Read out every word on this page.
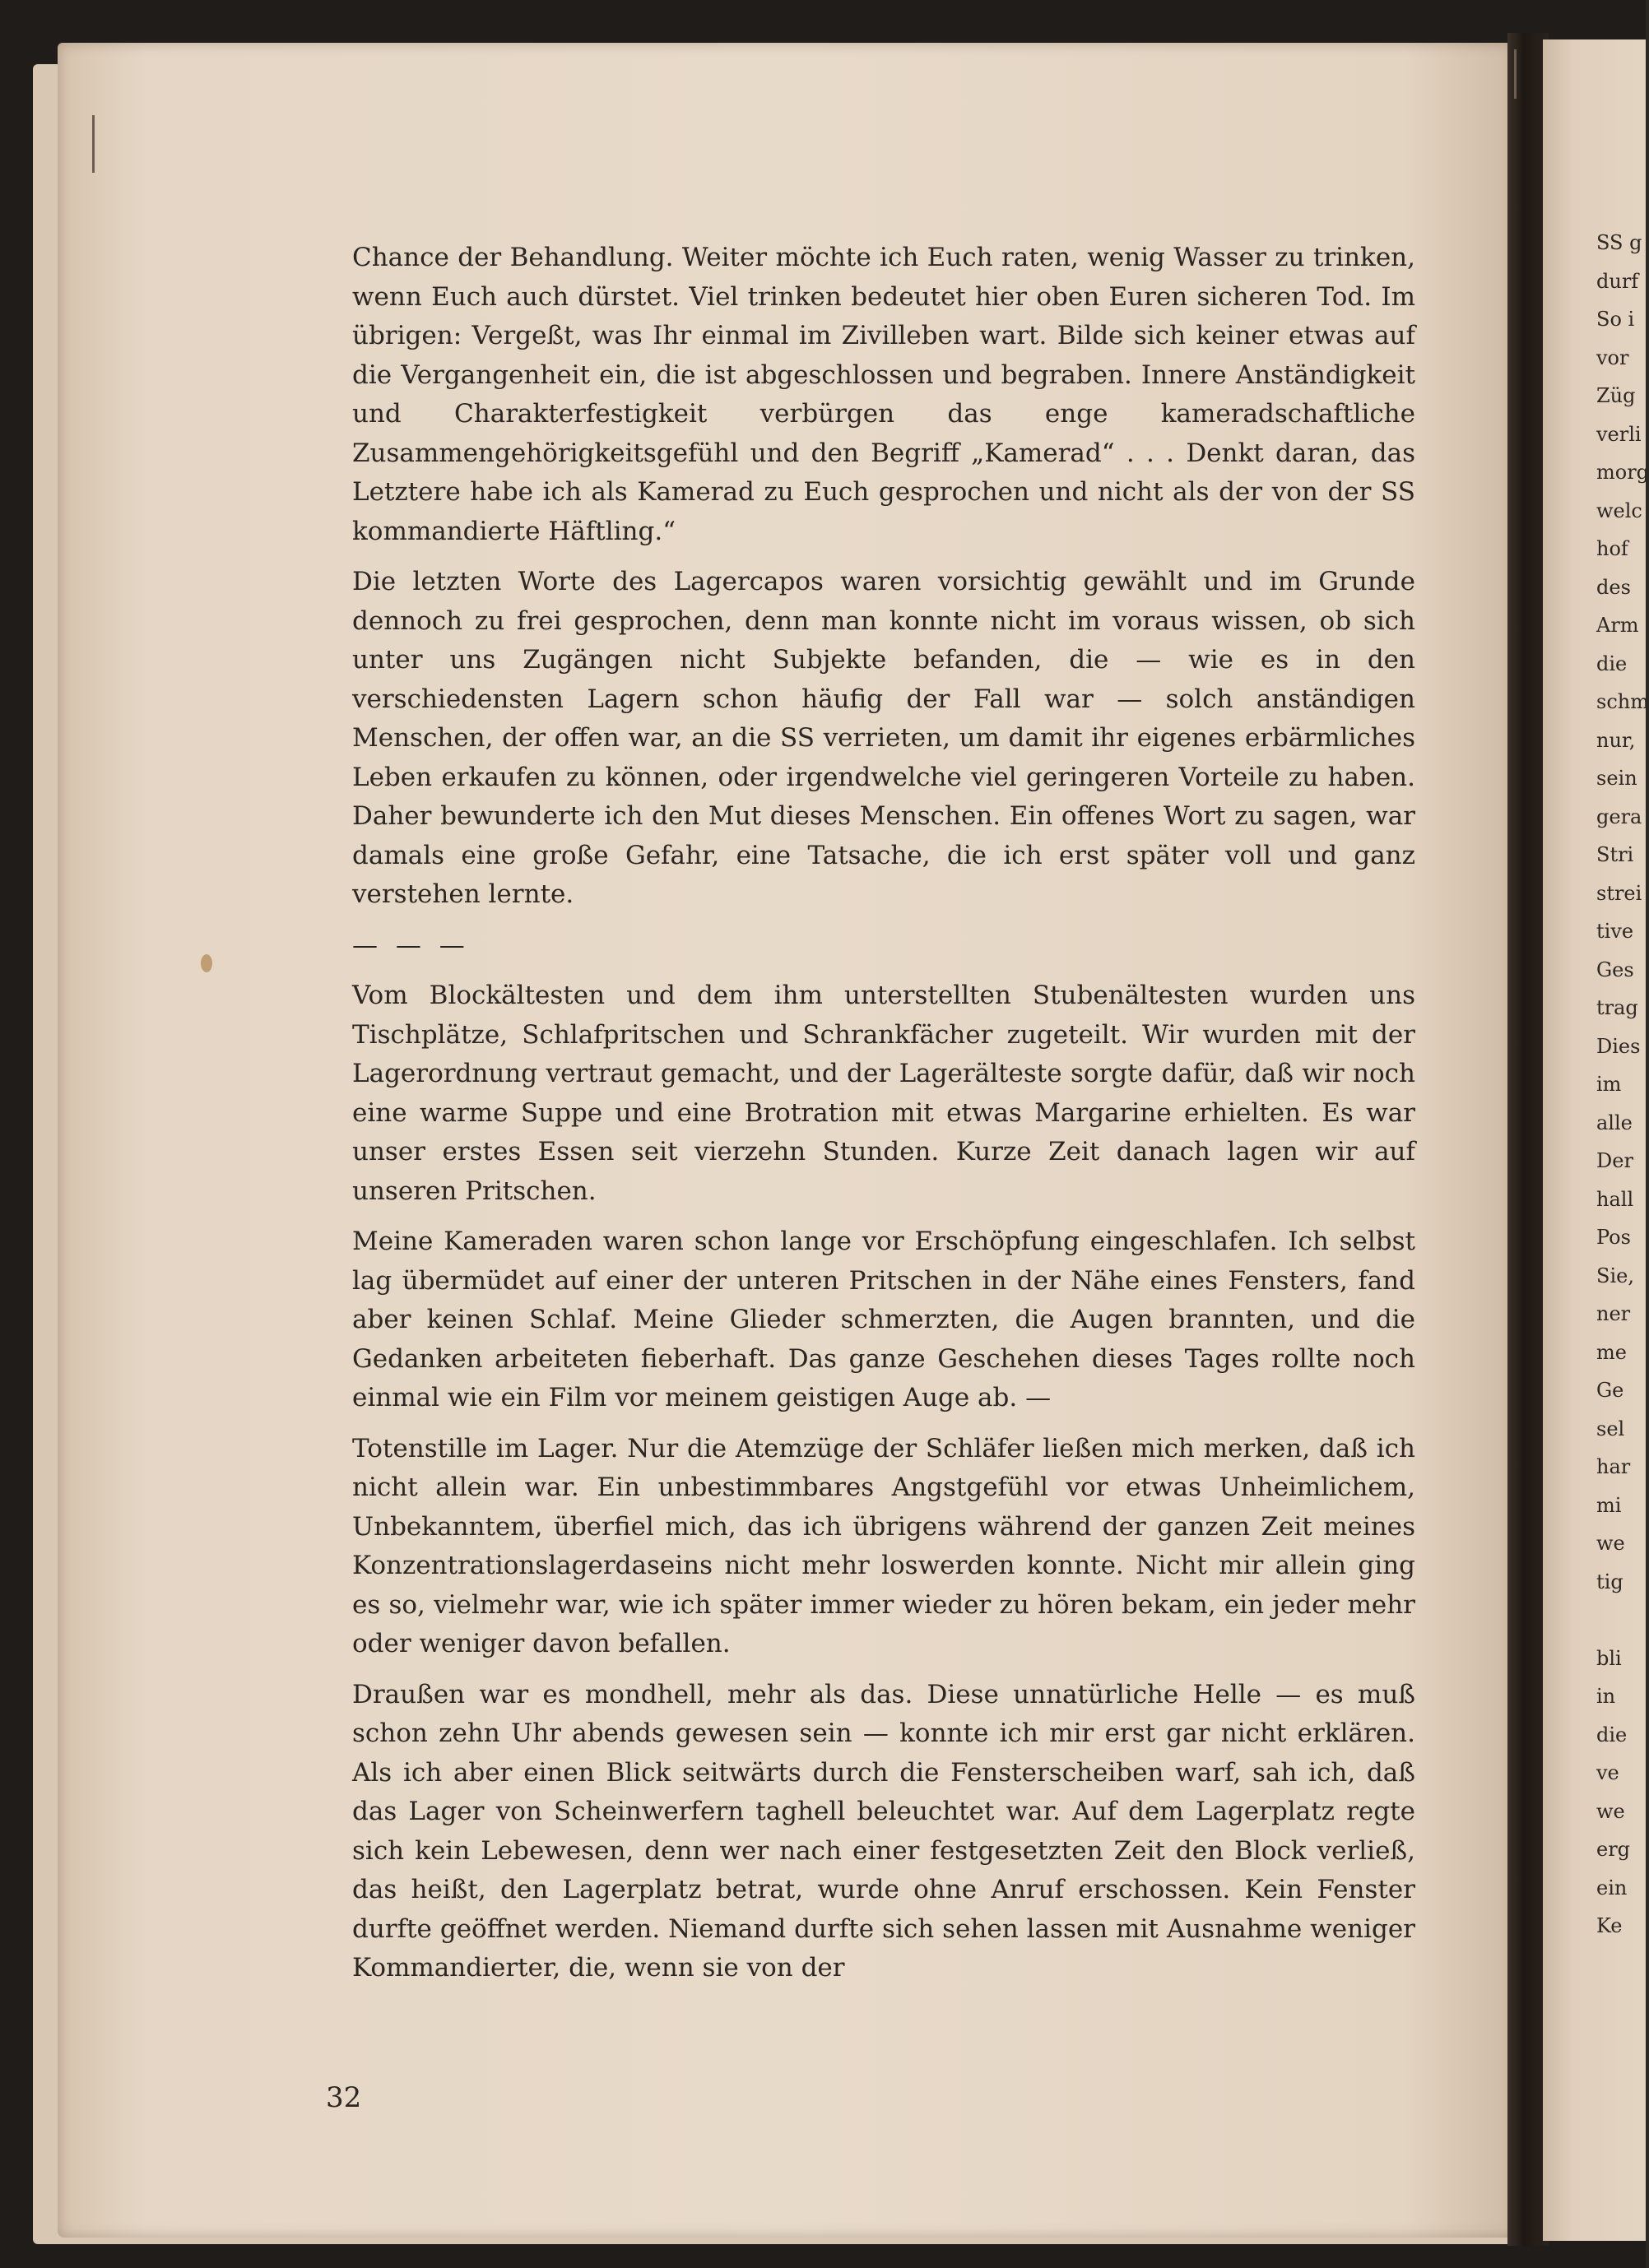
Chance der Behandlung. Weiter möchte ich Euch raten, wenig Wasser zu trinken, wenn Euch auch dürstet. Viel trinken bedeutet hier oben Euren sicheren Tod. Im übrigen: Vergeßt, was Ihr einmal im Zivilleben wart. Bilde sich keiner etwas auf die Vergangenheit ein, die ist abgeschlossen und begraben. Innere Anständigkeit und Charakterfestigkeit verbürgen das enge kameradschaftliche Zusammengehörigkeitsgefühl und den Begriff „Kamerad“ . . . Denkt daran, das Letztere habe ich als Kamerad zu Euch gesprochen und nicht als der von der SS kommandierte Häftling.“

Die letzten Worte des Lagercapos waren vorsichtig gewählt und im Grunde dennoch zu frei gesprochen, denn man konnte nicht im voraus wissen, ob sich unter uns Zugängen nicht Subjekte befanden, die — wie es in den verschiedensten Lagern schon häufig der Fall war — solch anständigen Menschen, der offen war, an die SS verrieten, um damit ihr eigenes erbärmliches Leben erkaufen zu können, oder irgendwelche viel geringeren Vorteile zu haben. Daher bewunderte ich den Mut dieses Menschen. Ein offenes Wort zu sagen, war damals eine große Gefahr, eine Tatsache, die ich erst später voll und ganz verstehen lernte.

— — —

Vom Blockältesten und dem ihm unterstellten Stubenältesten wurden uns Tischplätze, Schlafpritschen und Schrankfächer zugeteilt. Wir wurden mit der Lagerordnung vertraut gemacht, und der Lagerälteste sorgte dafür, daß wir noch eine warme Suppe und eine Brotration mit etwas Margarine erhielten. Es war unser erstes Essen seit vierzehn Stunden. Kurze Zeit danach lagen wir auf unseren Pritschen.

Meine Kameraden waren schon lange vor Erschöpfung eingeschlafen. Ich selbst lag übermüdet auf einer der unteren Pritschen in der Nähe eines Fensters, fand aber keinen Schlaf. Meine Glieder schmerzten, die Augen brannten, und die Gedanken arbeiteten fieberhaft. Das ganze Geschehen dieses Tages rollte noch einmal wie ein Film vor meinem geistigen Auge ab. —

Totenstille im Lager. Nur die Atemzüge der Schläfer ließen mich merken, daß ich nicht allein war. Ein unbestimmbares Angstgefühl vor etwas Unheimlichem, Unbekanntem, überfiel mich, das ich übrigens während der ganzen Zeit meines Konzentrationslagerdaseins nicht mehr loswerden konnte. Nicht mir allein ging es so, vielmehr war, wie ich später immer wieder zu hören bekam, ein jeder mehr oder weniger davon befallen.

Draußen war es mondhell, mehr als das. Diese unnatürliche Helle — es muß schon zehn Uhr abends gewesen sein — konnte ich mir erst gar nicht erklären. Als ich aber einen Blick seitwärts durch die Fensterscheiben warf, sah ich, daß das Lager von Scheinwerfern taghell beleuchtet war. Auf dem Lagerplatz regte sich kein Lebewesen, denn wer nach einer festgesetzten Zeit den Block verließ, das heißt, den Lagerplatz betrat, wurde ohne Anruf erschossen. Kein Fenster durfte geöffnet werden. Niemand durfte sich sehen lassen mit Ausnahme weniger Kommandierter, die, wenn sie von der

32
SS g
durf
So i
vor
Züg
verli
morg
welc
hof
des
Arm
die
schm
nur,
sein
gera
Stri
strei
tive
Ges
trag
Dies
im
alle
Der
hall
Pos
Sie,
ner
me
Ge
sel
har
mi
we
tig
bli
in
die
ve
we
erg
ein
Ke
